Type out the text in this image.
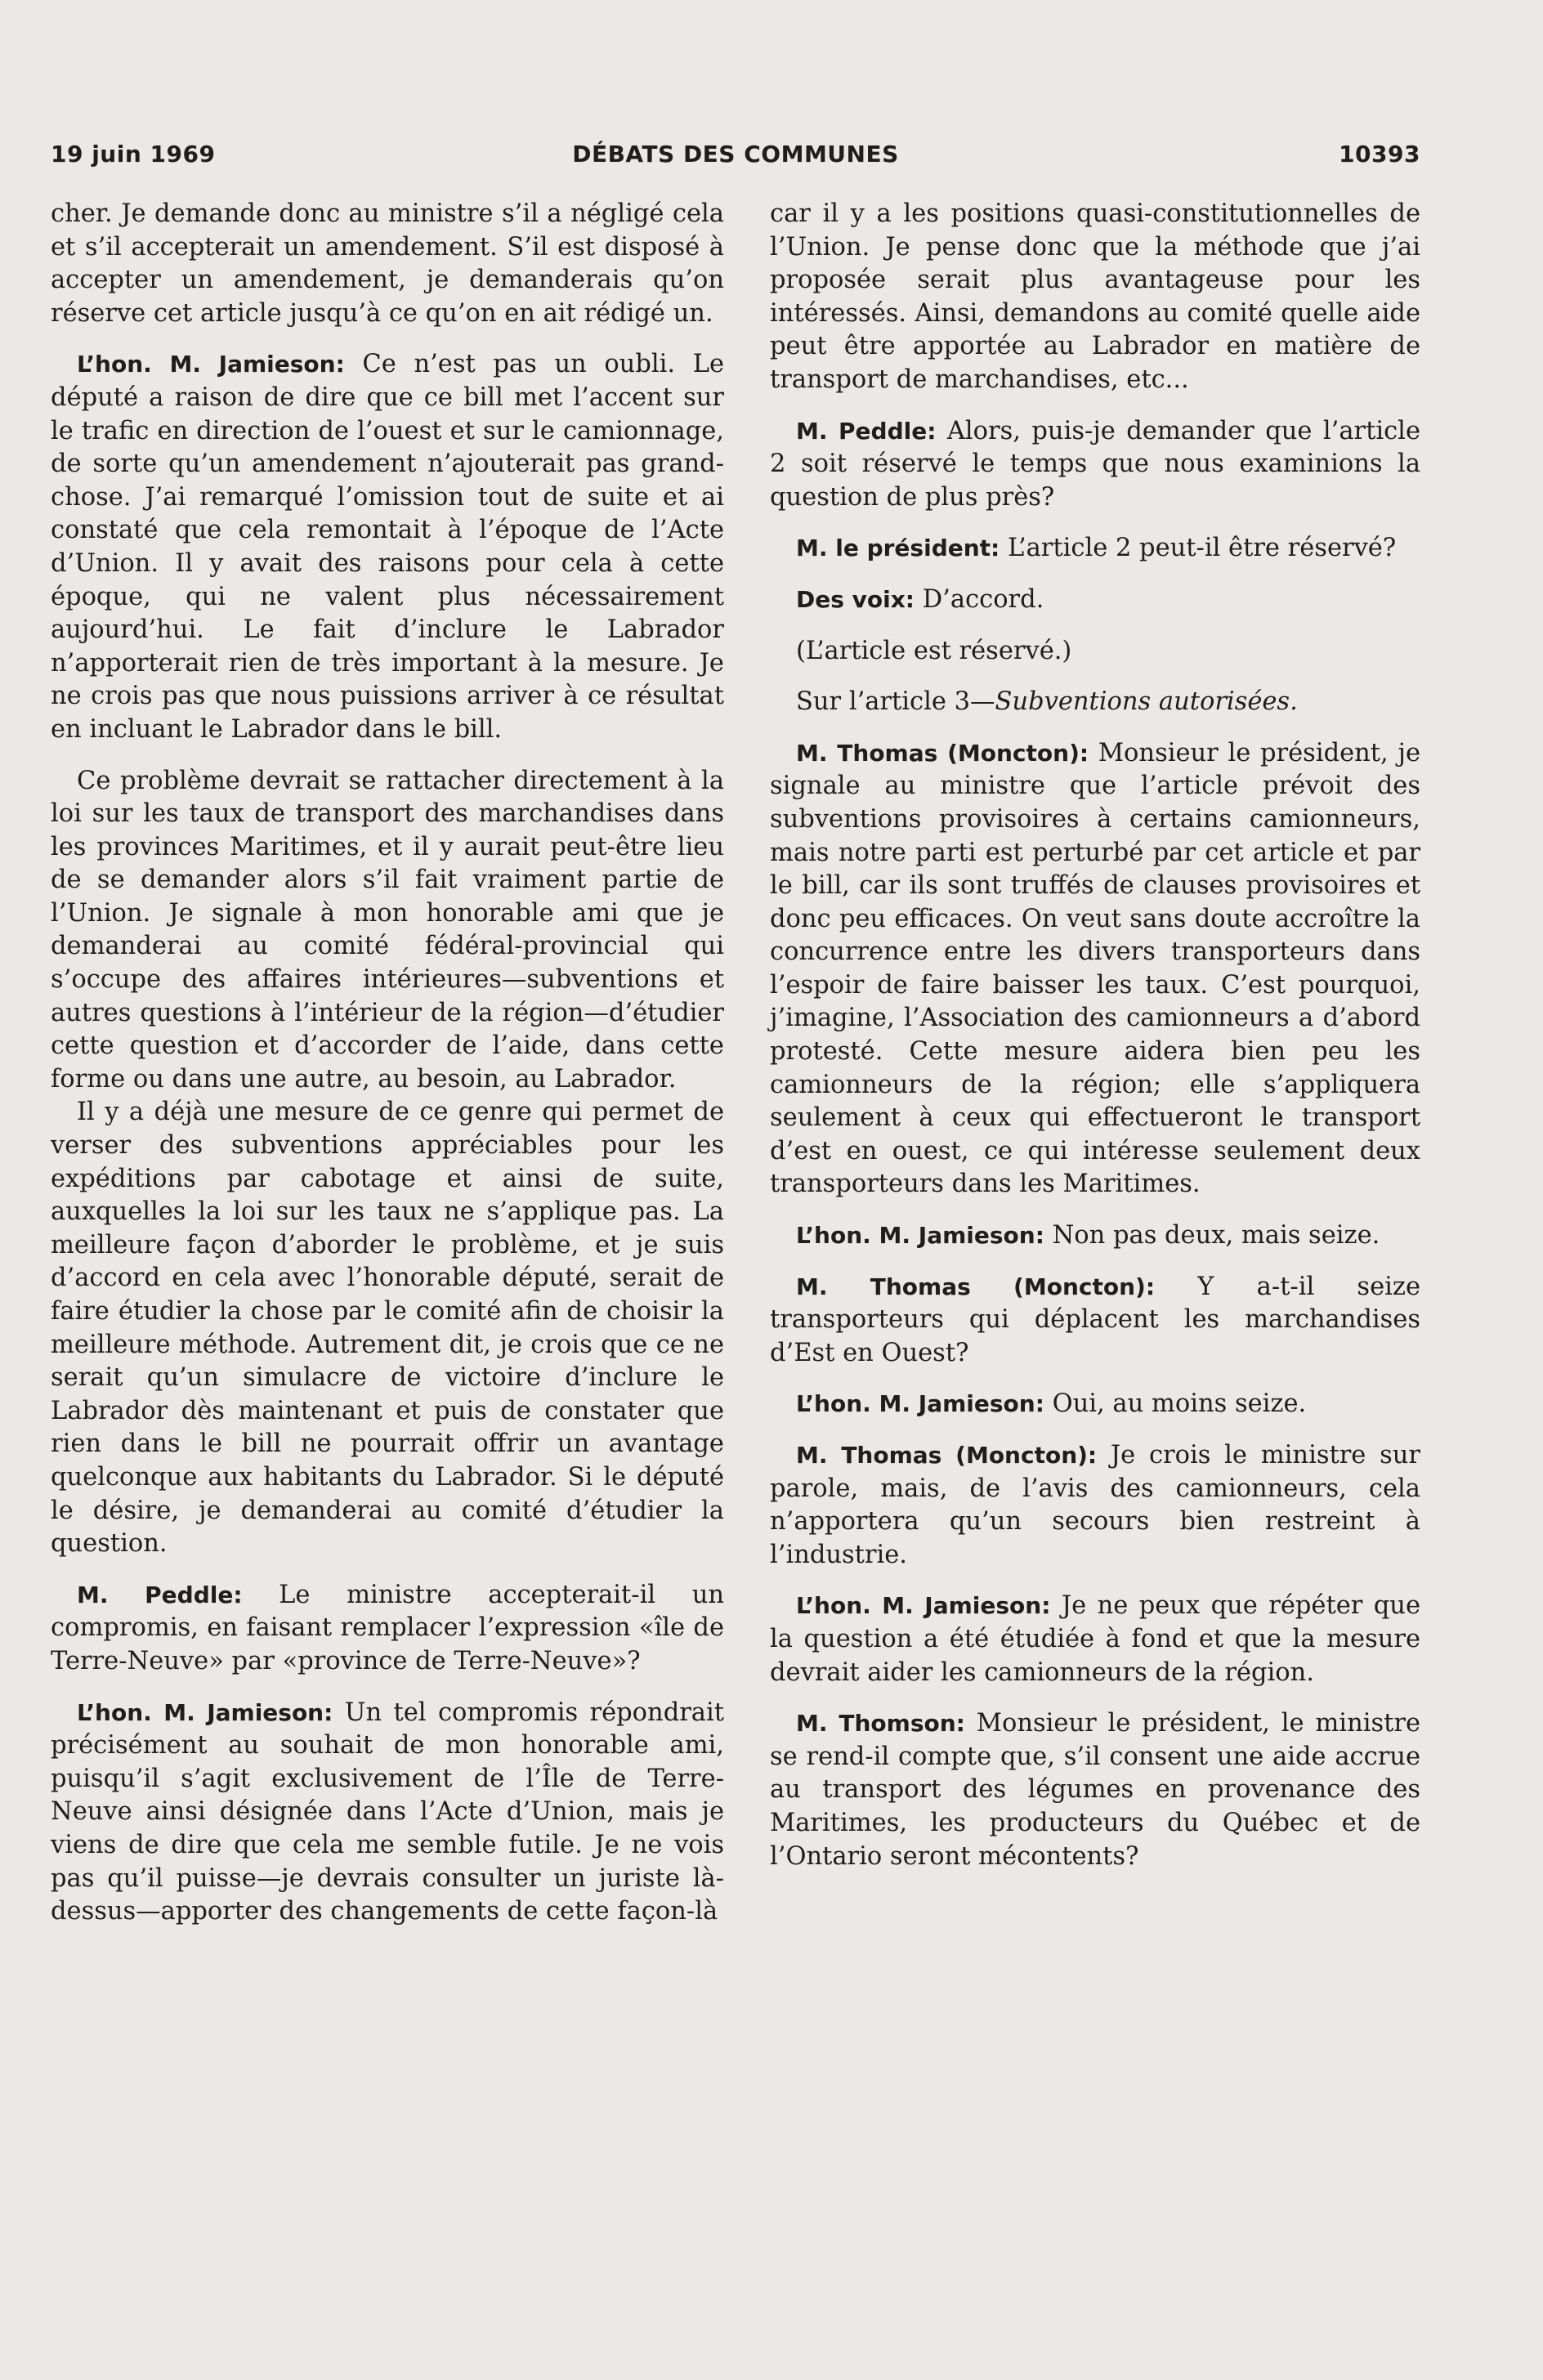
19 juin 1969	DÉBATS DES COMMUNES	10393

cher. Je demande donc au ministre s’il a négligé cela et s’il accepterait un amendement. S’il est disposé à accepter un amendement, je demanderais qu’on réserve cet article jusqu’à ce qu’on en ait rédigé un.

L’hon. M. Jamieson: Ce n’est pas un oubli. Le député a raison de dire que ce bill met l’accent sur le trafic en direction de l’ouest et sur le camionnage, de sorte qu’un amendement n’ajouterait pas grand-chose. J’ai remarqué l’omission tout de suite et ai constaté que cela remontait à l’époque de l’Acte d’Union. Il y avait des raisons pour cela à cette époque, qui ne valent plus nécessairement aujourd’hui. Le fait d’inclure le Labrador n’apporterait rien de très important à la mesure. Je ne crois pas que nous puissions arriver à ce résultat en incluant le Labrador dans le bill.

Ce problème devrait se rattacher directement à la loi sur les taux de transport des marchandises dans les provinces Maritimes, et il y aurait peut-être lieu de se demander alors s’il fait vraiment partie de l’Union. Je signale à mon honorable ami que je demanderai au comité fédéral-provincial qui s’occupe des affaires intérieures—subventions et autres questions à l’intérieur de la région—d’étudier cette question et d’accorder de l’aide, dans cette forme ou dans une autre, au besoin, au Labrador.

Il y a déjà une mesure de ce genre qui permet de verser des subventions appréciables pour les expéditions par cabotage et ainsi de suite, auxquelles la loi sur les taux ne s’applique pas. La meilleure façon d’aborder le problème, et je suis d’accord en cela avec l’honorable député, serait de faire étudier la chose par le comité afin de choisir la meilleure méthode. Autrement dit, je crois que ce ne serait qu’un simulacre de victoire d’inclure le Labrador dès maintenant et puis de constater que rien dans le bill ne pourrait offrir un avantage quelconque aux habitants du Labrador. Si le député le désire, je demanderai au comité d’étudier la question.

M. Peddle: Le ministre accepterait-il un compromis, en faisant remplacer l’expression «île de Terre-Neuve» par «province de Terre-Neuve»?

L’hon. M. Jamieson: Un tel compromis répondrait précisément au souhait de mon honorable ami, puisqu’il s’agit exclusivement de l’Île de Terre-Neuve ainsi désignée dans l’Acte d’Union, mais je viens de dire que cela me semble futile. Je ne vois pas qu’il puisse—je devrais consulter un juriste là-dessus—apporter des changements de cette façon-là

car il y a les positions quasi-constitutionnelles de l’Union. Je pense donc que la méthode que j’ai proposée serait plus avantageuse pour les intéressés. Ainsi, demandons au comité quelle aide peut être apportée au Labrador en matière de transport de marchandises, etc...

M. Peddle: Alors, puis-je demander que l’article 2 soit réservé le temps que nous examinions la question de plus près?

M. le président: L’article 2 peut-il être réservé?

Des voix: D’accord.

(L’article est réservé.)

Sur l’article 3—Subventions autorisées.

M. Thomas (Moncton): Monsieur le président, je signale au ministre que l’article prévoit des subventions provisoires à certains camionneurs, mais notre parti est perturbé par cet article et par le bill, car ils sont truffés de clauses provisoires et donc peu efficaces. On veut sans doute accroître la concurrence entre les divers transporteurs dans l’espoir de faire baisser les taux. C’est pourquoi, j’imagine, l’Association des camionneurs a d’abord protesté. Cette mesure aidera bien peu les camionneurs de la région; elle s’appliquera seulement à ceux qui effectueront le transport d’est en ouest, ce qui intéresse seulement deux transporteurs dans les Maritimes.

L’hon. M. Jamieson: Non pas deux, mais seize.

M. Thomas (Moncton): Y a-t-il seize transporteurs qui déplacent les marchandises d’Est en Ouest?

L’hon. M. Jamieson: Oui, au moins seize.

M. Thomas (Moncton): Je crois le ministre sur parole, mais, de l’avis des camionneurs, cela n’apportera qu’un secours bien restreint à l’industrie.

L’hon. M. Jamieson: Je ne peux que répéter que la question a été étudiée à fond et que la mesure devrait aider les camionneurs de la région.

M. Thomson: Monsieur le président, le ministre se rend-il compte que, s’il consent une aide accrue au transport des légumes en provenance des Maritimes, les producteurs du Québec et de l’Ontario seront mécontents?
